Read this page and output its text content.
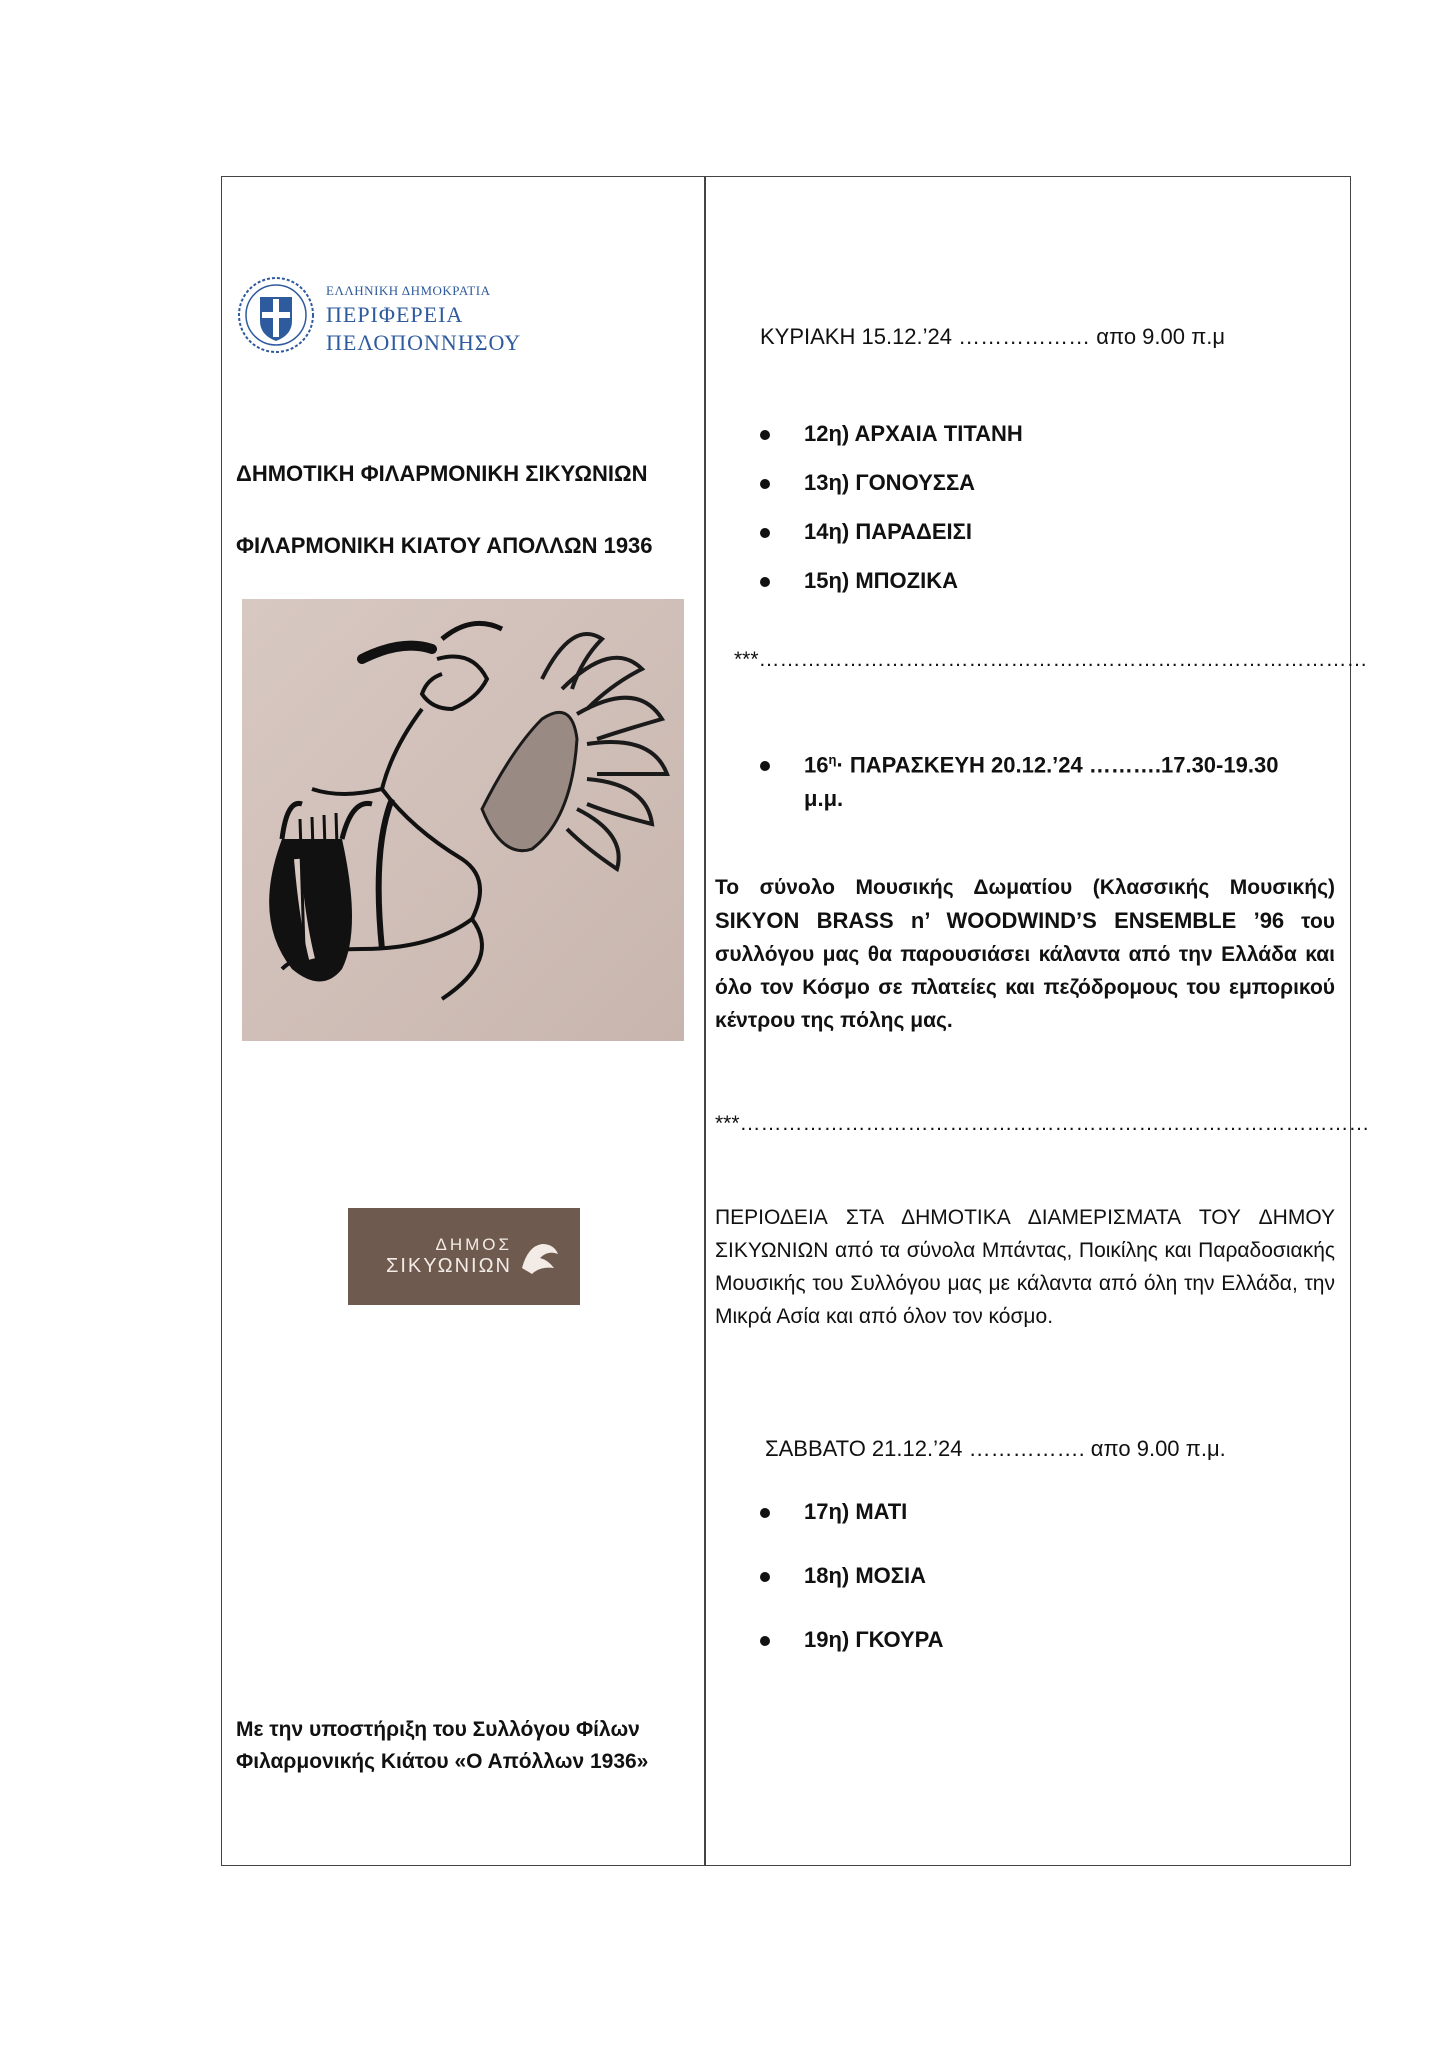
ΕΛΛΗΝΙΚΗ ΔΗΜΟΚΡΑΤΙΑ
ΠΕΡΙΦΕΡΕΙΑ
ΠΕΛΟΠΟΝΝΗΣΟΥ
ΔΗΜΟΤΙΚΗ ΦΙΛΑΡΜΟΝΙΚΗ ΣΙΚΥΩΝΙΩΝ
ΦΙΛΑΡΜΟΝΙΚΗ ΚΙΑΤΟΥ ΑΠΟΛΛΩΝ 1936
ΔΗΜΟΣ
ΣΙΚΥΩΝΙΩΝ
Με την υποστήριξη του Συλλόγου Φίλων Φιλαρμονικής Κιάτου «Ο Απόλλων 1936»
ΚΥΡΙΑΚΗ 15.12.’24 ……………… απο 9.00 π.μ
12η) ΑΡΧΑΙΑ ΤΙΤΑΝΗ
13η) ΓΟΝΟΥΣΣΑ
14η) ΠΑΡΑΔΕΙΣΙ
15η) ΜΠΟΖΙΚΑ
***……………………………………………………………………………
$16^\eta\cdot \Pi APA\Sigma KE\Upsilon H$ 20.12.’24 ……….17.30-19.30
μ.μ.
Το σύνολο Μουσικής Δωματίου (Κλασσικής Μουσικής) SIKYON BRASS n’ WOODWIND’S ENSEMBLE ’96 του συλλόγου μας θα παρουσιάσει κάλαντα από την Ελλάδα και όλο τον Κόσμο σε πλατείες και πεζόδρομους του εμπορικού κέντρου της πόλης μας.
***………………………………………………………………………………
ΠΕΡΙΟΔΕΙΑ ΣΤΑ ΔΗΜΟΤΙΚΑ ΔΙΑΜΕΡΙΣΜΑΤΑ ΤΟΥ ΔΗΜΟΥ ΣΙΚΥΩΝΙΩΝ από τα σύνολα Μπάντας, Ποικίλης και Παραδοσιακής Μουσικής του Συλλόγου μας με κάλαντα από όλη την Ελλάδα, την Μικρά Ασία και από όλον τον κόσμο.
ΣΑΒΒΑΤΟ 21.12.’24 ……………. απο 9.00 π.μ.
17η) ΜΑΤΙ
18η) ΜΟΣΙΑ
19η) ΓΚΟΥΡΑ
